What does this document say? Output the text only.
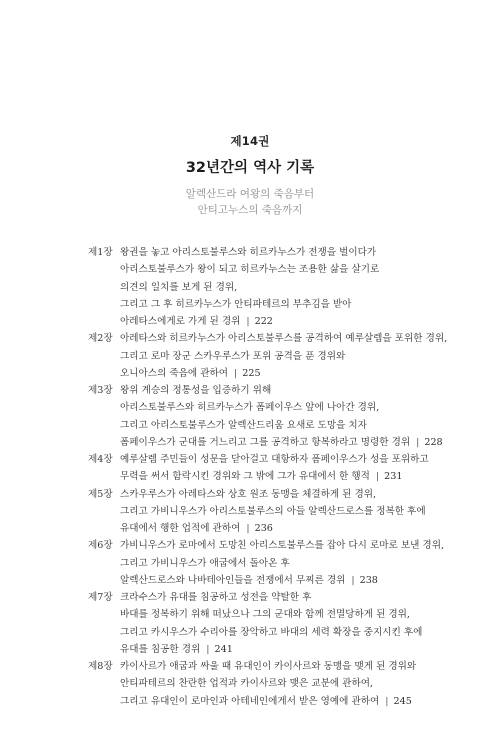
제14권
32년간의 역사 기록
알렉산드라 여왕의 죽음부터
안티고누스의 죽음까지
제1장 왕권을 놓고 아리스토불루스와 히르카누스가 전쟁을 벌이다가
아리스토불루스가 왕이 되고 히르카누스는 조용한 삶을 살기로
의견의 일치를 보게 된 경위,
그리고 그 후 히르카누스가 안티파테르의 부추김을 받아
아레타스에게로 가게 된 경위 | 222
제2장 아레타스와 히르카누스가 아리스토불루스를 공격하여 예루살렘을 포위한 경위,
그리고 로마 장군 스카우루스가 포위 공격을 푼 경위와
오니아스의 죽음에 관하여 | 225
제3장 왕위 계승의 정통성을 입증하기 위해
아리스토불루스와 히르카누스가 폼페이우스 앞에 나아간 경위,
그리고 아리스토불루스가 알렉산드리움 요새로 도망을 치자
폼페이우스가 군대를 거느리고 그를 공격하고 항복하라고 명령한 경위 | 228
제4장 예루살렘 주민들이 성문을 닫아걸고 대항하자 폼페이우스가 성을 포위하고
무력을 써서 함락시킨 경위와 그 밖에 그가 유대에서 한 행적 | 231
제5장 스카우루스가 아레타스와 상호 원조 동맹을 체결하게 된 경위,
그리고 가비니우스가 아리스토불루스의 아들 알렉산드로스를 정복한 후에
유대에서 행한 업적에 관하여 | 236
제6장 가비니우스가 로마에서 도망친 아리스토불루스를 잡아 다시 로마로 보낸 경위,
그리고 가비니우스가 애굽에서 돌아온 후
알렉산드로스와 나바테아인들을 전쟁에서 무찌른 경위 | 238
제7장 크라수스가 유대를 침공하고 성전을 약탈한 후
바대를 정복하기 위해 떠났으나 그의 군대와 함께 전멸당하게 된 경위,
그리고 카시우스가 수리아를 장악하고 바대의 세력 확장을 중지시킨 후에
유대를 침공한 경위 | 241
제8장 카이사르가 애굽과 싸울 때 유대인이 카이사르와 동맹을 맺게 된 경위와
안티파테르의 찬란한 업적과 카이사르와 맺은 교분에 관하여,
그리고 유대인이 로마인과 아테네인에게서 받은 영예에 관하여 | 245
